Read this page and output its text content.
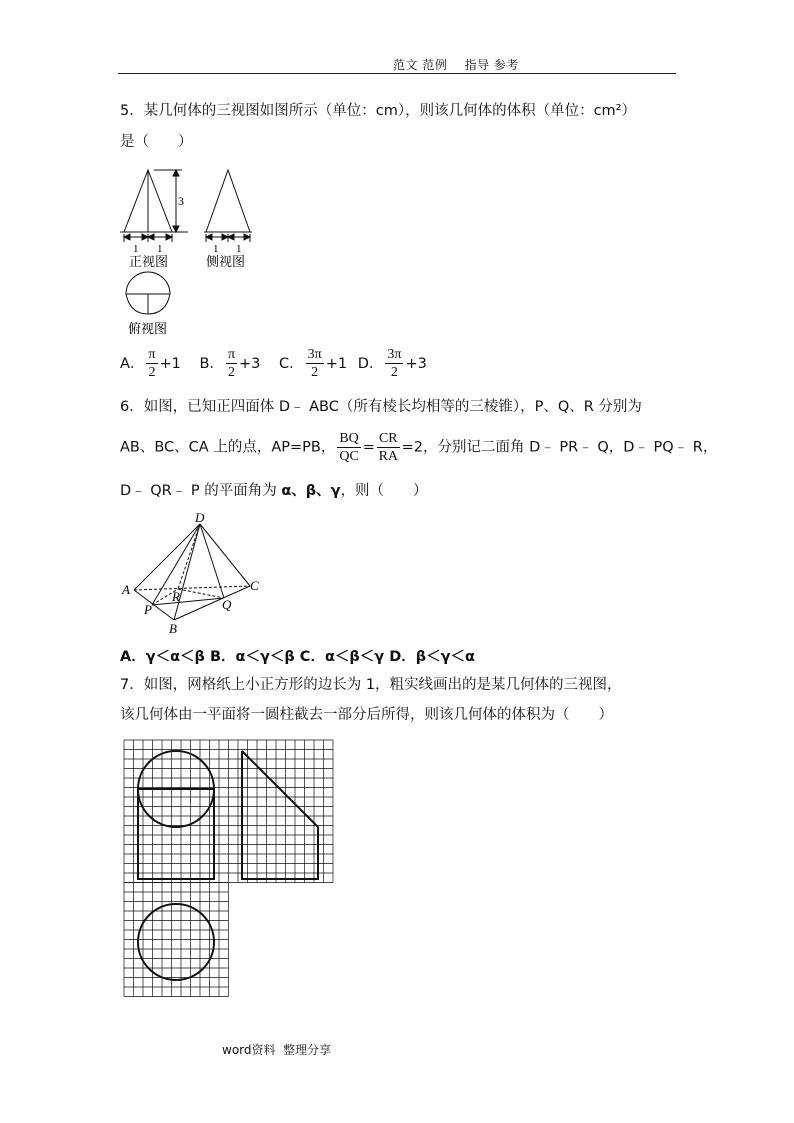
范文 范例    指导 参考
5．某几何体的三视图如图所示（单位：cm），则该几何体的体积（单位：cm²）
是（　　）
3
1 1
正视图
1 1
侧视图
俯视图
A． $\frac{\pi}{2} +1$ B． $\frac{\pi}{2} +3$ C． $\frac{3\pi}{2} +1$ D． $\frac{3\pi}{2} +3$
6．如图，已知正四面体 D﹣ ABC（所有棱长均相等的三棱锥），P、Q、R 分别为
AB、BC、CA 上的点，AP=PB， $\frac{BQ}{QC} = \frac{CR}{RA} =2$，分别记二面角 D﹣ PR﹣ Q，D﹣ PQ﹣ R，
D﹣ QR﹣ P 的平面角为 α、β、γ，则（　　）
D
A	C
P
R
Q
B
A．γ＜α＜β B．α＜γ＜β C．α＜β＜γ D．β＜γ＜α
7．如图，网格纸上小正方形的边长为 1，粗实线画出的是某几何体的三视图，
该几何体由一平面将一圆柱截去一部分后所得，则该几何体的体积为（　　）
word资料  整理分享
